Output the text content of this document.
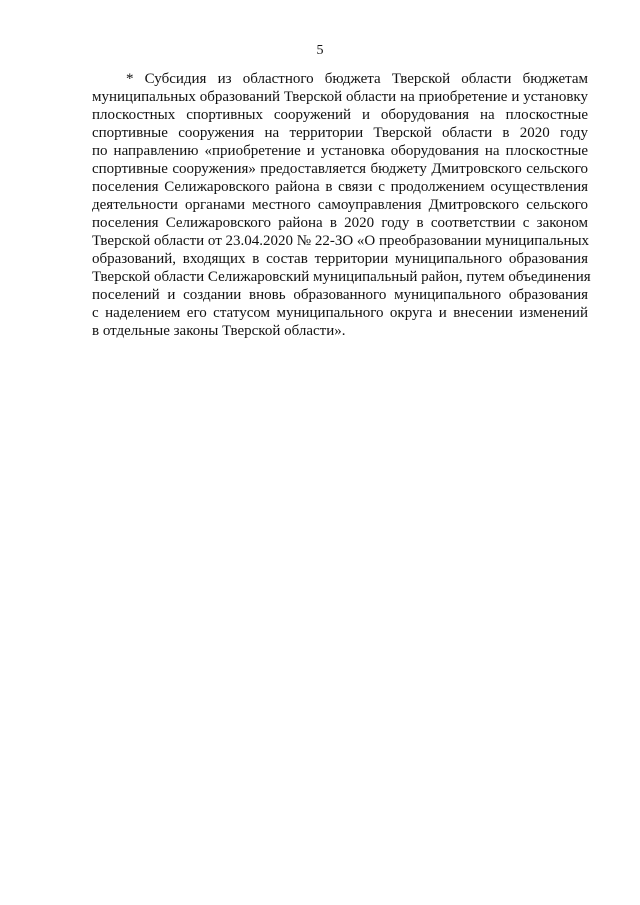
5
* Субсидия из областного бюджета Тверской области бюджетам
муниципальных образований Тверской области на приобретение и установку
плоскостных спортивных сооружений и оборудования на плоскостные
спортивные сооружения на территории Тверской области в 2020 году
по направлению «приобретение и установка оборудования на плоскостные
спортивные сооружения» предоставляется бюджету Дмитровского сельского
поселения Селижаровского района в связи с продолжением осуществления
деятельности органами местного самоуправления Дмитровского сельского
поселения Селижаровского района в 2020 году в соответствии с законом
Тверской области от 23.04.2020 № 22-ЗО «О преобразовании муниципальных
образований, входящих в состав территории муниципального образования
Тверской области Селижаровский муниципальный район, путем объединения
поселений и создании вновь образованного муниципального образования
с наделением его статусом муниципального округа и внесении изменений
в отдельные законы Тверской области».
